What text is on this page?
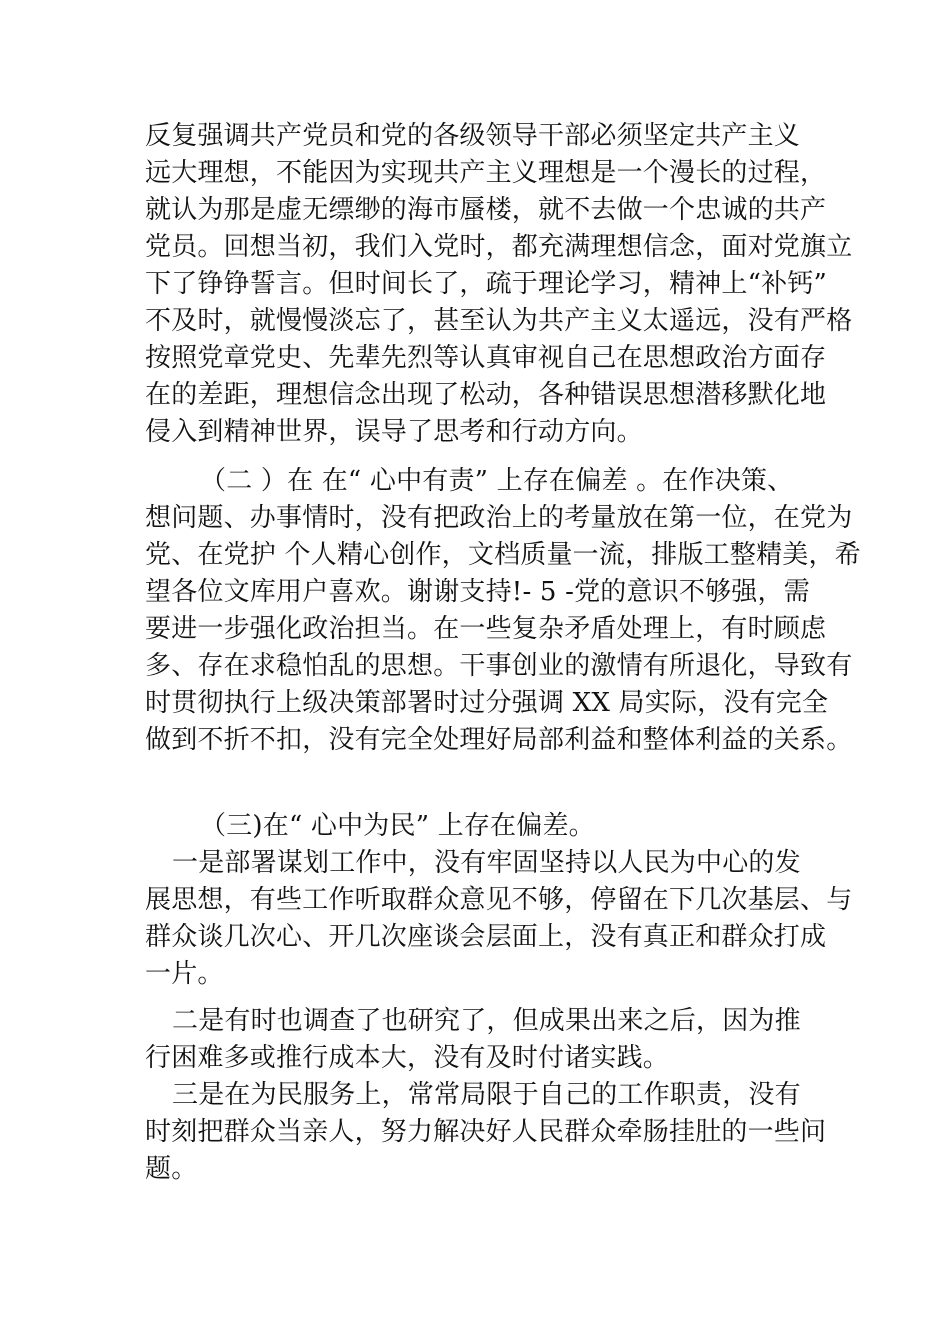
反复强调共产党员和党的各级领导干部必须坚定共产主义
远大理想，不能因为实现共产主义理想是一个漫长的过程，
就认为那是虚无缥缈的海市蜃楼，就不去做一个忠诚的共产
党员。回想当初，我们入党时，都充满理想信念，面对党旗立
下了铮铮誓言。但时间长了，疏于理论学习，精神上“补钙”
不及时，就慢慢淡忘了，甚至认为共产主义太遥远，没有严格
按照党章党史、先辈先烈等认真审视自己在思想政治方面存
在的差距，理想信念出现了松动，各种错误思想潜移默化地
侵入到精神世界，误导了思考和行动方向。
（二 ）在 在“ 心中有责” 上存在偏差 。在作决策、
想问题、办事情时，没有把政治上的考量放在第一位，在党为
党、在党护 个人精心创作，文档质量一流，排版工整精美，希
望各位文库用户喜欢。谢谢支持!- 5 -党的意识不够强，需
要进一步强化政治担当。在一些复杂矛盾处理上，有时顾虑
多、存在求稳怕乱的思想。干事创业的激情有所退化，导致有
时贯彻执行上级决策部署时过分强调 XX 局实际，没有完全
做到不折不扣，没有完全处理好局部利益和整体利益的关系。
（三)在“ 心中为民” 上存在偏差。
一是部署谋划工作中，没有牢固坚持以人民为中心的发
展思想，有些工作听取群众意见不够，停留在下几次基层、与
群众谈几次心、开几次座谈会层面上，没有真正和群众打成
一片。
二是有时也调查了也研究了，但成果出来之后，因为推
行困难多或推行成本大，没有及时付诸实践。
三是在为民服务上，常常局限于自己的工作职责，没有
时刻把群众当亲人，努力解决好人民群众牵肠挂肚的一些问
题。
